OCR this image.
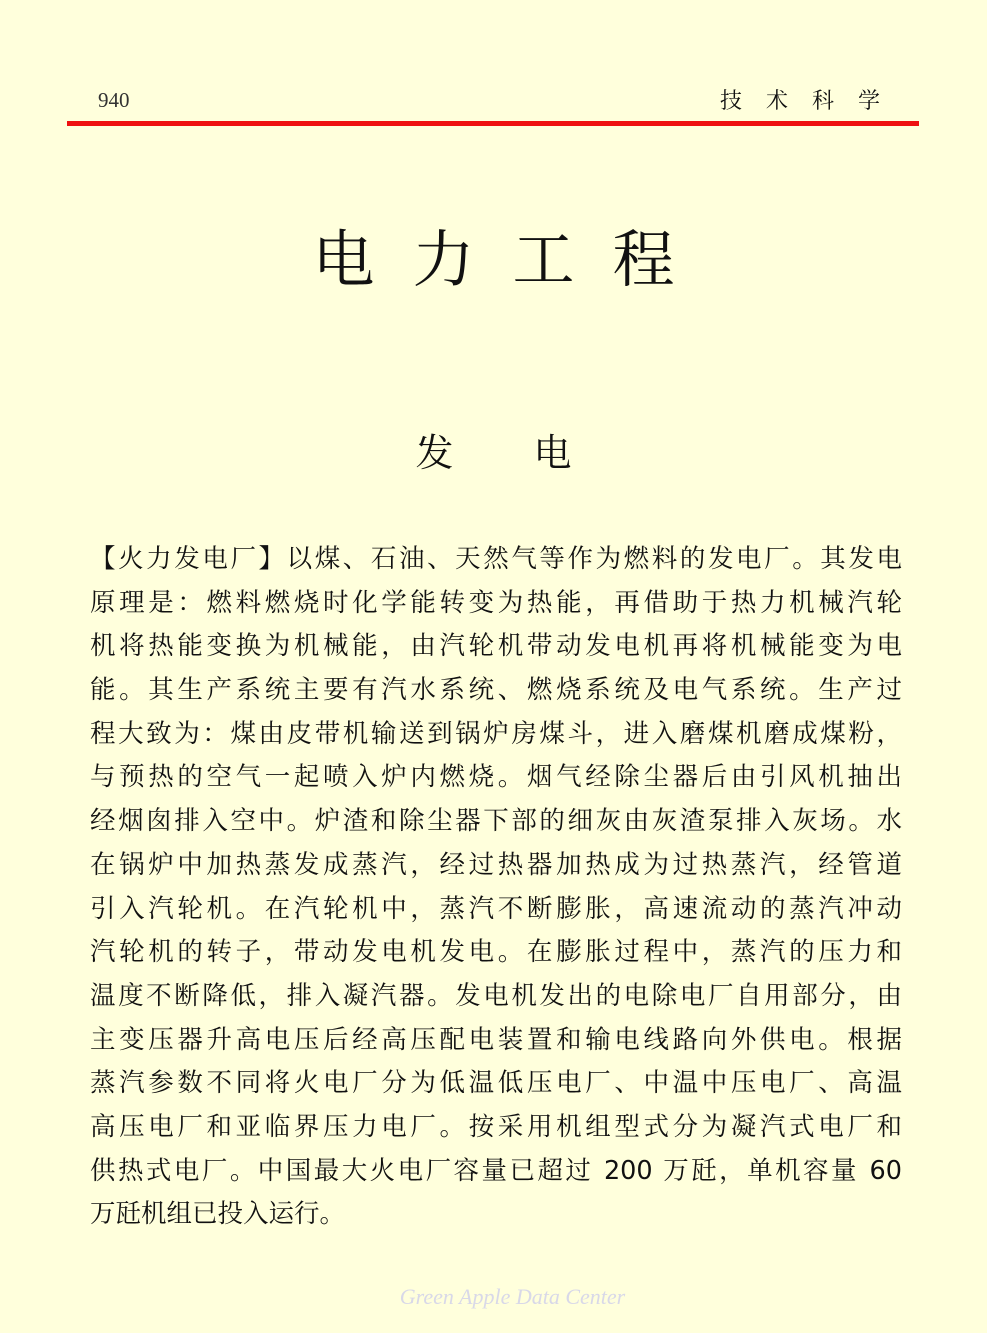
940	技术科学
电力工程
发电
【火力发电厂】以煤、石油、天然气等作为燃料的发电厂。其发电
原理是：燃料燃烧时化学能转变为热能，再借助于热力机械汽轮
机将热能变换为机械能，由汽轮机带动发电机再将机械能变为电
能。其生产系统主要有汽水系统、燃烧系统及电气系统。生产过
程大致为：煤由皮带机输送到锅炉房煤斗，进入磨煤机磨成煤粉，
与预热的空气一起喷入炉内燃烧。烟气经除尘器后由引风机抽出
经烟囱排入空中。炉渣和除尘器下部的细灰由灰渣泵排入灰场。水
在锅炉中加热蒸发成蒸汽，经过热器加热成为过热蒸汽，经管道
引入汽轮机。在汽轮机中，蒸汽不断膨胀，高速流动的蒸汽冲动
汽轮机的转子，带动发电机发电。在膨胀过程中，蒸汽的压力和
温度不断降低，排入凝汽器。发电机发出的电除电厂自用部分，由
主变压器升高电压后经高压配电装置和输电线路向外供电。根据
蒸汽参数不同将火电厂分为低温低压电厂、中温中压电厂、高温
高压电厂和亚临界压力电厂。按采用机组型式分为凝汽式电厂和
供热式电厂。中国最大火电厂容量已超过 200 万瓩，单机容量 60
万瓩机组已投入运行。
Green Apple Data Center
